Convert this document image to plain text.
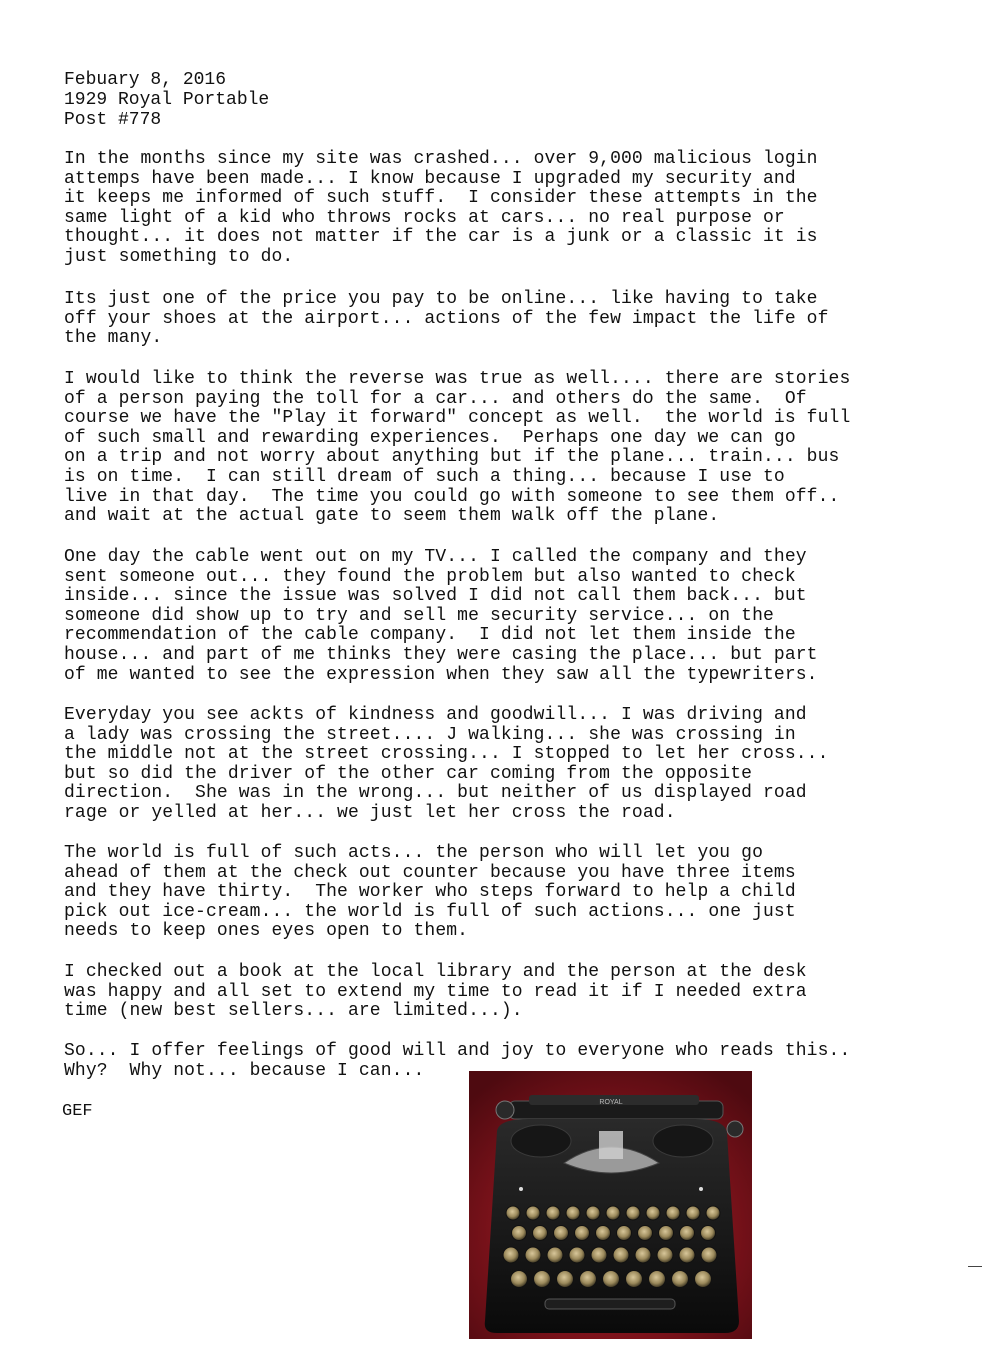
Febuary 8, 2016
1929 Royal Portable
Post #778
In the months since my site was crashed... over 9,000 malicious login
attemps have been made... I know because I upgraded my security and
it keeps me informed of such stuff.  I consider these attempts in the
same light of a kid who throws rocks at cars... no real purpose or
thought... it does not matter if the car is a junk or a classic it is
just something to do.
Its just one of the price you pay to be online... like having to take
off your shoes at the airport... actions of the few impact the life of
the many.
I would like to think the reverse was true as well.... there are stories
of a person paying the toll for a car... and others do the same.  Of
course we have the "Play it forward" concept as well.  the world is full
of such small and rewarding experiences.  Perhaps one day we can go
on a trip and not worry about anything but if the plane... train... bus
is on time.  I can still dream of such a thing... because I use to
live in that day.  The time you could go with someone to see them off..
and wait at the actual gate to seem them walk off the plane.
One day the cable went out on my TV... I called the company and they
sent someone out... they found the problem but also wanted to check
inside... since the issue was solved I did not call them back... but
someone did show up to try and sell me security service... on the
recommendation of the cable company.  I did not let them inside the
house... and part of me thinks they were casing the place... but part
of me wanted to see the expression when they saw all the typewriters.
Everyday you see ackts of kindness and goodwill... I was driving and
a lady was crossing the street.... J walking... she was crossing in
the middle not at the street crossing... I stopped to let her cross...
but so did the driver of the other car coming from the opposite
direction.  She was in the wrong... but neither of us displayed road
rage or yelled at her... we just let her cross the road.
The world is full of such acts... the person who will let you go
ahead of them at the check out counter because you have three items
and they have thirty.  The worker who steps forward to help a child
pick out ice-cream... the world is full of such actions... one just
needs to keep ones eyes open to them.
I checked out a book at the local library and the person at the desk
was happy and all set to extend my time to read it if I needed extra
time (new best sellers... are limited...).
So... I offer feelings of good will and joy to everyone who reads this..
Why?  Why not... because I can...
GEF	ROYAL
